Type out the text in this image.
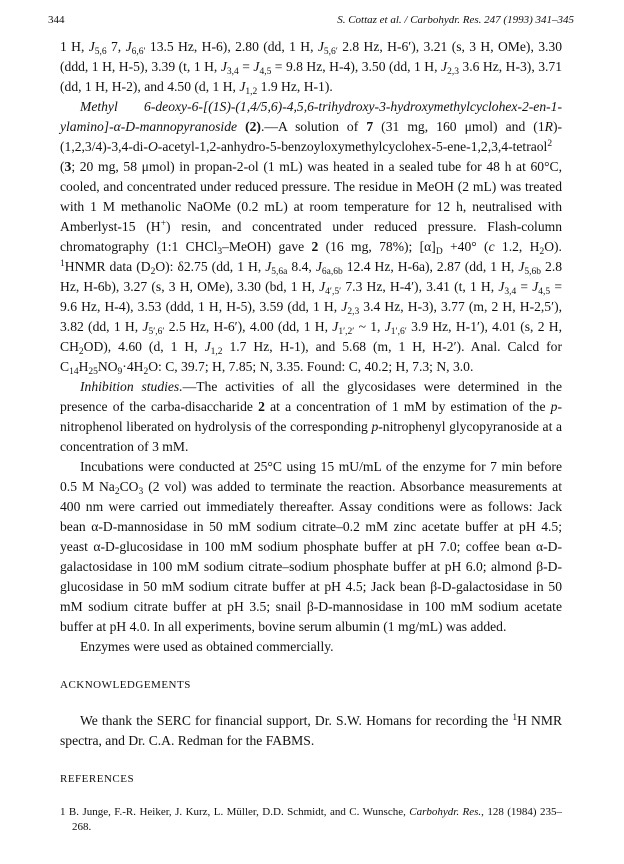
344	S. Cottaz et al. / Carbohydr. Res. 247 (1993) 341–345

1 H, $J_{5,6}$ 7, $J_{6,6'}$ 13.5 Hz, H-6), 2.80 (dd, 1 H, $J_{5,6'}$ 2.8 Hz, H-6′), 3.21 (s, 3 H, OMe), 3.30 (ddd, 1 H, H-5), 3.39 (t, 1 H, $J_{3,4} = J_{4,5} = 9.8$ Hz, H-4), 3.50 (dd, 1 H, $J_{2,3}$ 3.6 Hz, H-3), 3.71 (dd, 1 H, H-2), and 4.50 (d, 1 H, $J_{1,2}$ 1.9 Hz, H-1).

Methyl 6-deoxy-6-[(1S)-(1,4/5,6)-4,5,6-trihydroxy-3-hydroxymethylcyclohex-2-en-1-ylamino]-α-D-mannopyranoside (2).—A solution of 7 (31 mg, 160 μmol) and (1R)-(1,2,3/4)-3,4-di-O-acetyl-1,2-anhydro-5-benzoyloxymethylcyclohex-5-ene-1,2,3,4-tetraol$^2$ (3; 20 mg, 58 μmol) in propan-2-ol (1 mL) was heated in a sealed tube for 48 h at 60°C, cooled, and concentrated under reduced pressure. The residue in MeOH (2 mL) was treated with 1 M methanolic NaOMe (0.2 mL) at room temperature for 12 h, neutralised with Amberlyst-15 (H+) resin, and concentrated under reduced pressure. Flash-column chromatography (1:1 CHCl$_3$–MeOH) gave 2 (16 mg, 78%); $[\alpha]_D +40^\circ$ (c 1.2, $H_2O$). $^1$HNMR data $(D_2O)$: δ2.75 (dd, 1 H, $J_{5,6a}$ 8.4, $J_{6a,6b}$ 12.4 Hz, H-6a), 2.87 (dd, 1 H, $J_{5,6b}$ 2.8 Hz, H-6b), 3.27 (s, 3 H, OMe), 3.30 (bd, 1 H, $J_{4',5'}$ 7.3 Hz, H-4′), 3.41 (t, 1 H, $J_{3,4} = J_{4,5} = 9.6$ Hz, H-4), 3.53 (ddd, 1 H, H-5), 3.59 (dd, 1 H, $J_{2,3}$ 3.4 Hz, H-3), 3.77 (m, 2 H, H-2,5′), 3.82 (dd, 1 H, $J_{5',6'}$ 2.5 Hz, H-6′), 4.00 (dd, 1 H, $J_{1',2'}$ ~ 1, $J_{1',6'}$ 3.9 Hz, H-1′), 4.01 (s, 2 H, $CH_2OD$), 4.60 (d, 1 H, $J_{1,2}$ 1.7 Hz, H-1), and 5.68 (m, 1 H, H-2′). Anal. Calcd for $C_{14}H_{25}NO_9\cdot 4H_2O$: C, 39.7; H, 7.85; N, 3.35. Found: C, 40.2; H, 7.3; N, 3.0.

Inhibition studies.—The activities of all the glycosidases were determined in the presence of the carba-disaccharide 2 at a concentration of 1 mM by estimation of the p-nitrophenol liberated on hydrolysis of the corresponding p-nitrophenyl glycopyranoside at a concentration of 3 mM.

Incubations were conducted at 25°C using 15 mU/mL of the enzyme for 7 min before 0.5 M $Na_2CO_3$ (2 vol) was added to terminate the reaction. Absorbance measurements at 400 nm were carried out immediately thereafter. Assay conditions were as follows: Jack bean α-D-mannosidase in 50 mM sodium citrate–0.2 mM zinc acetate buffer at pH 4.5; yeast α-D-glucosidase in 100 mM sodium phosphate buffer at pH 7.0; coffee bean α-D-galactosidase in 100 mM sodium citrate–sodium phosphate buffer at pH 6.0; almond β-D-glucosidase in 50 mM sodium citrate buffer at pH 4.5; Jack bean β-D-galactosidase in 50 mM sodium citrate buffer at pH 3.5; snail β-D-mannosidase in 100 mM sodium acetate buffer at pH 4.0. In all experiments, bovine serum albumin (1 mg/mL) was added.

Enzymes were used as obtained commercially.

ACKNOWLEDGEMENTS

We thank the SERC for financial support, Dr. S.W. Homans for recording the $^1$H NMR spectra, and Dr. C.A. Redman for the FABMS.

REFERENCES

1 B. Junge, F.-R. Heiker, J. Kurz, L. Müller, D.D. Schmidt, and C. Wunsche, Carbohydr. Res., 128 (1984) 235–268.
